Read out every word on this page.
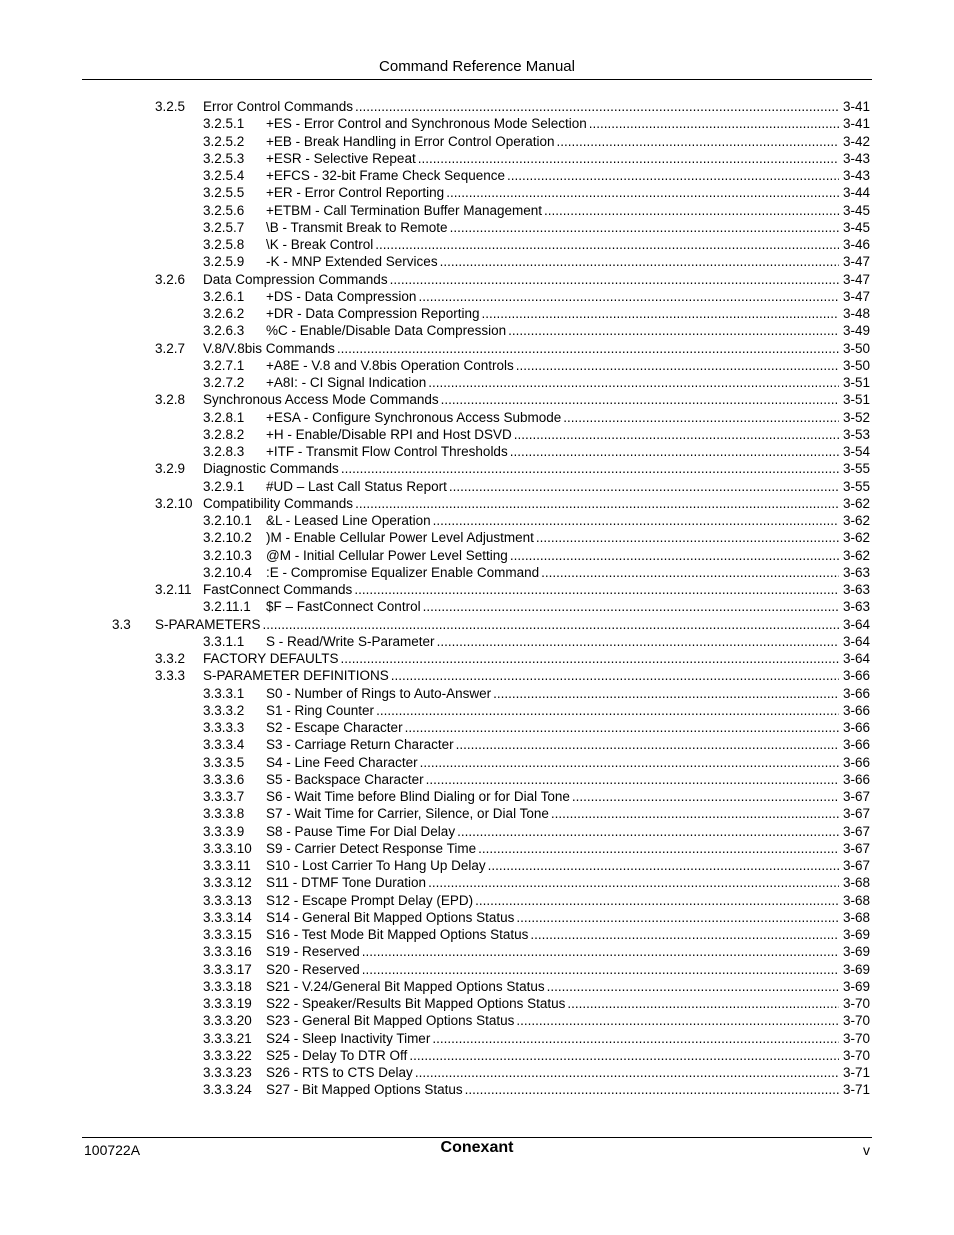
Command Reference Manual
3.2.5 Error Control Commands .....	3-41
3.2.5.1 +ES - Error Control and Synchronous Mode Selection .....	3-41
3.2.5.2 +EB - Break Handling in Error Control Operation .....	3-42
3.2.5.3 +ESR - Selective Repeat .....	3-43
3.2.5.4 +EFCS - 32-bit Frame Check Sequence .....	3-43
3.2.5.5 +ER - Error Control Reporting .....	3-44
3.2.5.6 +ETBM - Call Termination Buffer Management .....	3-45
3.2.5.7 \B - Transmit Break to Remote .....	3-45
3.2.5.8 \K - Break Control .....	3-46
3.2.5.9 -K - MNP Extended Services .....	3-47
3.2.6 Data Compression Commands .....	3-47
3.2.6.1 +DS - Data Compression .....	3-47
3.2.6.2 +DR - Data Compression Reporting .....	3-48
3.2.6.3 %C - Enable/Disable Data Compression .....	3-49
3.2.7 V.8/V.8bis Commands .....	3-50
3.2.7.1 +A8E - V.8 and V.8bis Operation Controls .....	3-50
3.2.7.2 +A8I: - CI Signal Indication .....	3-51
3.2.8 Synchronous Access Mode Commands .....	3-51
3.2.8.1 +ESA - Configure Synchronous Access Submode .....	3-52
3.2.8.2 +H - Enable/Disable RPI and Host DSVD .....	3-53
3.2.8.3 +ITF - Transmit Flow Control Thresholds .....	3-54
3.2.9 Diagnostic Commands .....	3-55
3.2.9.1 #UD – Last Call Status Report .....	3-55
3.2.10 Compatibility Commands .....	3-62
3.2.10.1 &L - Leased Line Operation .....	3-62
3.2.10.2 )M - Enable Cellular Power Level Adjustment .....	3-62
3.2.10.3 @M - Initial Cellular Power Level Setting .....	3-62
3.2.10.4 :E - Compromise Equalizer Enable Command .....	3-63
3.2.11 FastConnect Commands .....	3-63
3.2.11.1 $F – FastConnect Control .....	3-63
3.3 S-PARAMETERS .....	3-64
3.3.1.1 S - Read/Write S-Parameter .....	3-64
3.3.2 FACTORY DEFAULTS .....	3-64
3.3.3 S-PARAMETER DEFINITIONS .....	3-66
3.3.3.1 S0 - Number of Rings to Auto-Answer .....	3-66
3.3.3.2 S1 - Ring Counter .....	3-66
3.3.3.3 S2 - Escape Character .....	3-66
3.3.3.4 S3 - Carriage Return Character .....	3-66
3.3.3.5 S4 - Line Feed Character .....	3-66
3.3.3.6 S5 - Backspace Character .....	3-66
3.3.3.7 S6 - Wait Time before Blind Dialing or for Dial Tone .....	3-67
3.3.3.8 S7 - Wait Time for Carrier, Silence, or Dial Tone .....	3-67
3.3.3.9 S8 - Pause Time For Dial Delay .....	3-67
3.3.3.10 S9 - Carrier Detect Response Time .....	3-67
3.3.3.11 S10 - Lost Carrier To Hang Up Delay .....	3-67
3.3.3.12 S11 - DTMF Tone Duration .....	3-68
3.3.3.13 S12 - Escape Prompt Delay (EPD) .....	3-68
3.3.3.14 S14 - General Bit Mapped Options Status .....	3-68
3.3.3.15 S16 - Test Mode Bit Mapped Options Status .....	3-69
3.3.3.16 S19 - Reserved .....	3-69
3.3.3.17 S20 - Reserved .....	3-69
3.3.3.18 S21 - V.24/General Bit Mapped Options Status .....	3-69
3.3.3.19 S22 - Speaker/Results Bit Mapped Options Status .....	3-70
3.3.3.20 S23 - General Bit Mapped Options Status .....	3-70
3.3.3.21 S24 - Sleep Inactivity Timer .....	3-70
3.3.3.22 S25 - Delay To DTR Off .....	3-70
3.3.3.23 S26 - RTS to CTS Delay .....	3-71
3.3.3.24 S27 - Bit Mapped Options Status .....	3-71
100722A	Conexant	v
